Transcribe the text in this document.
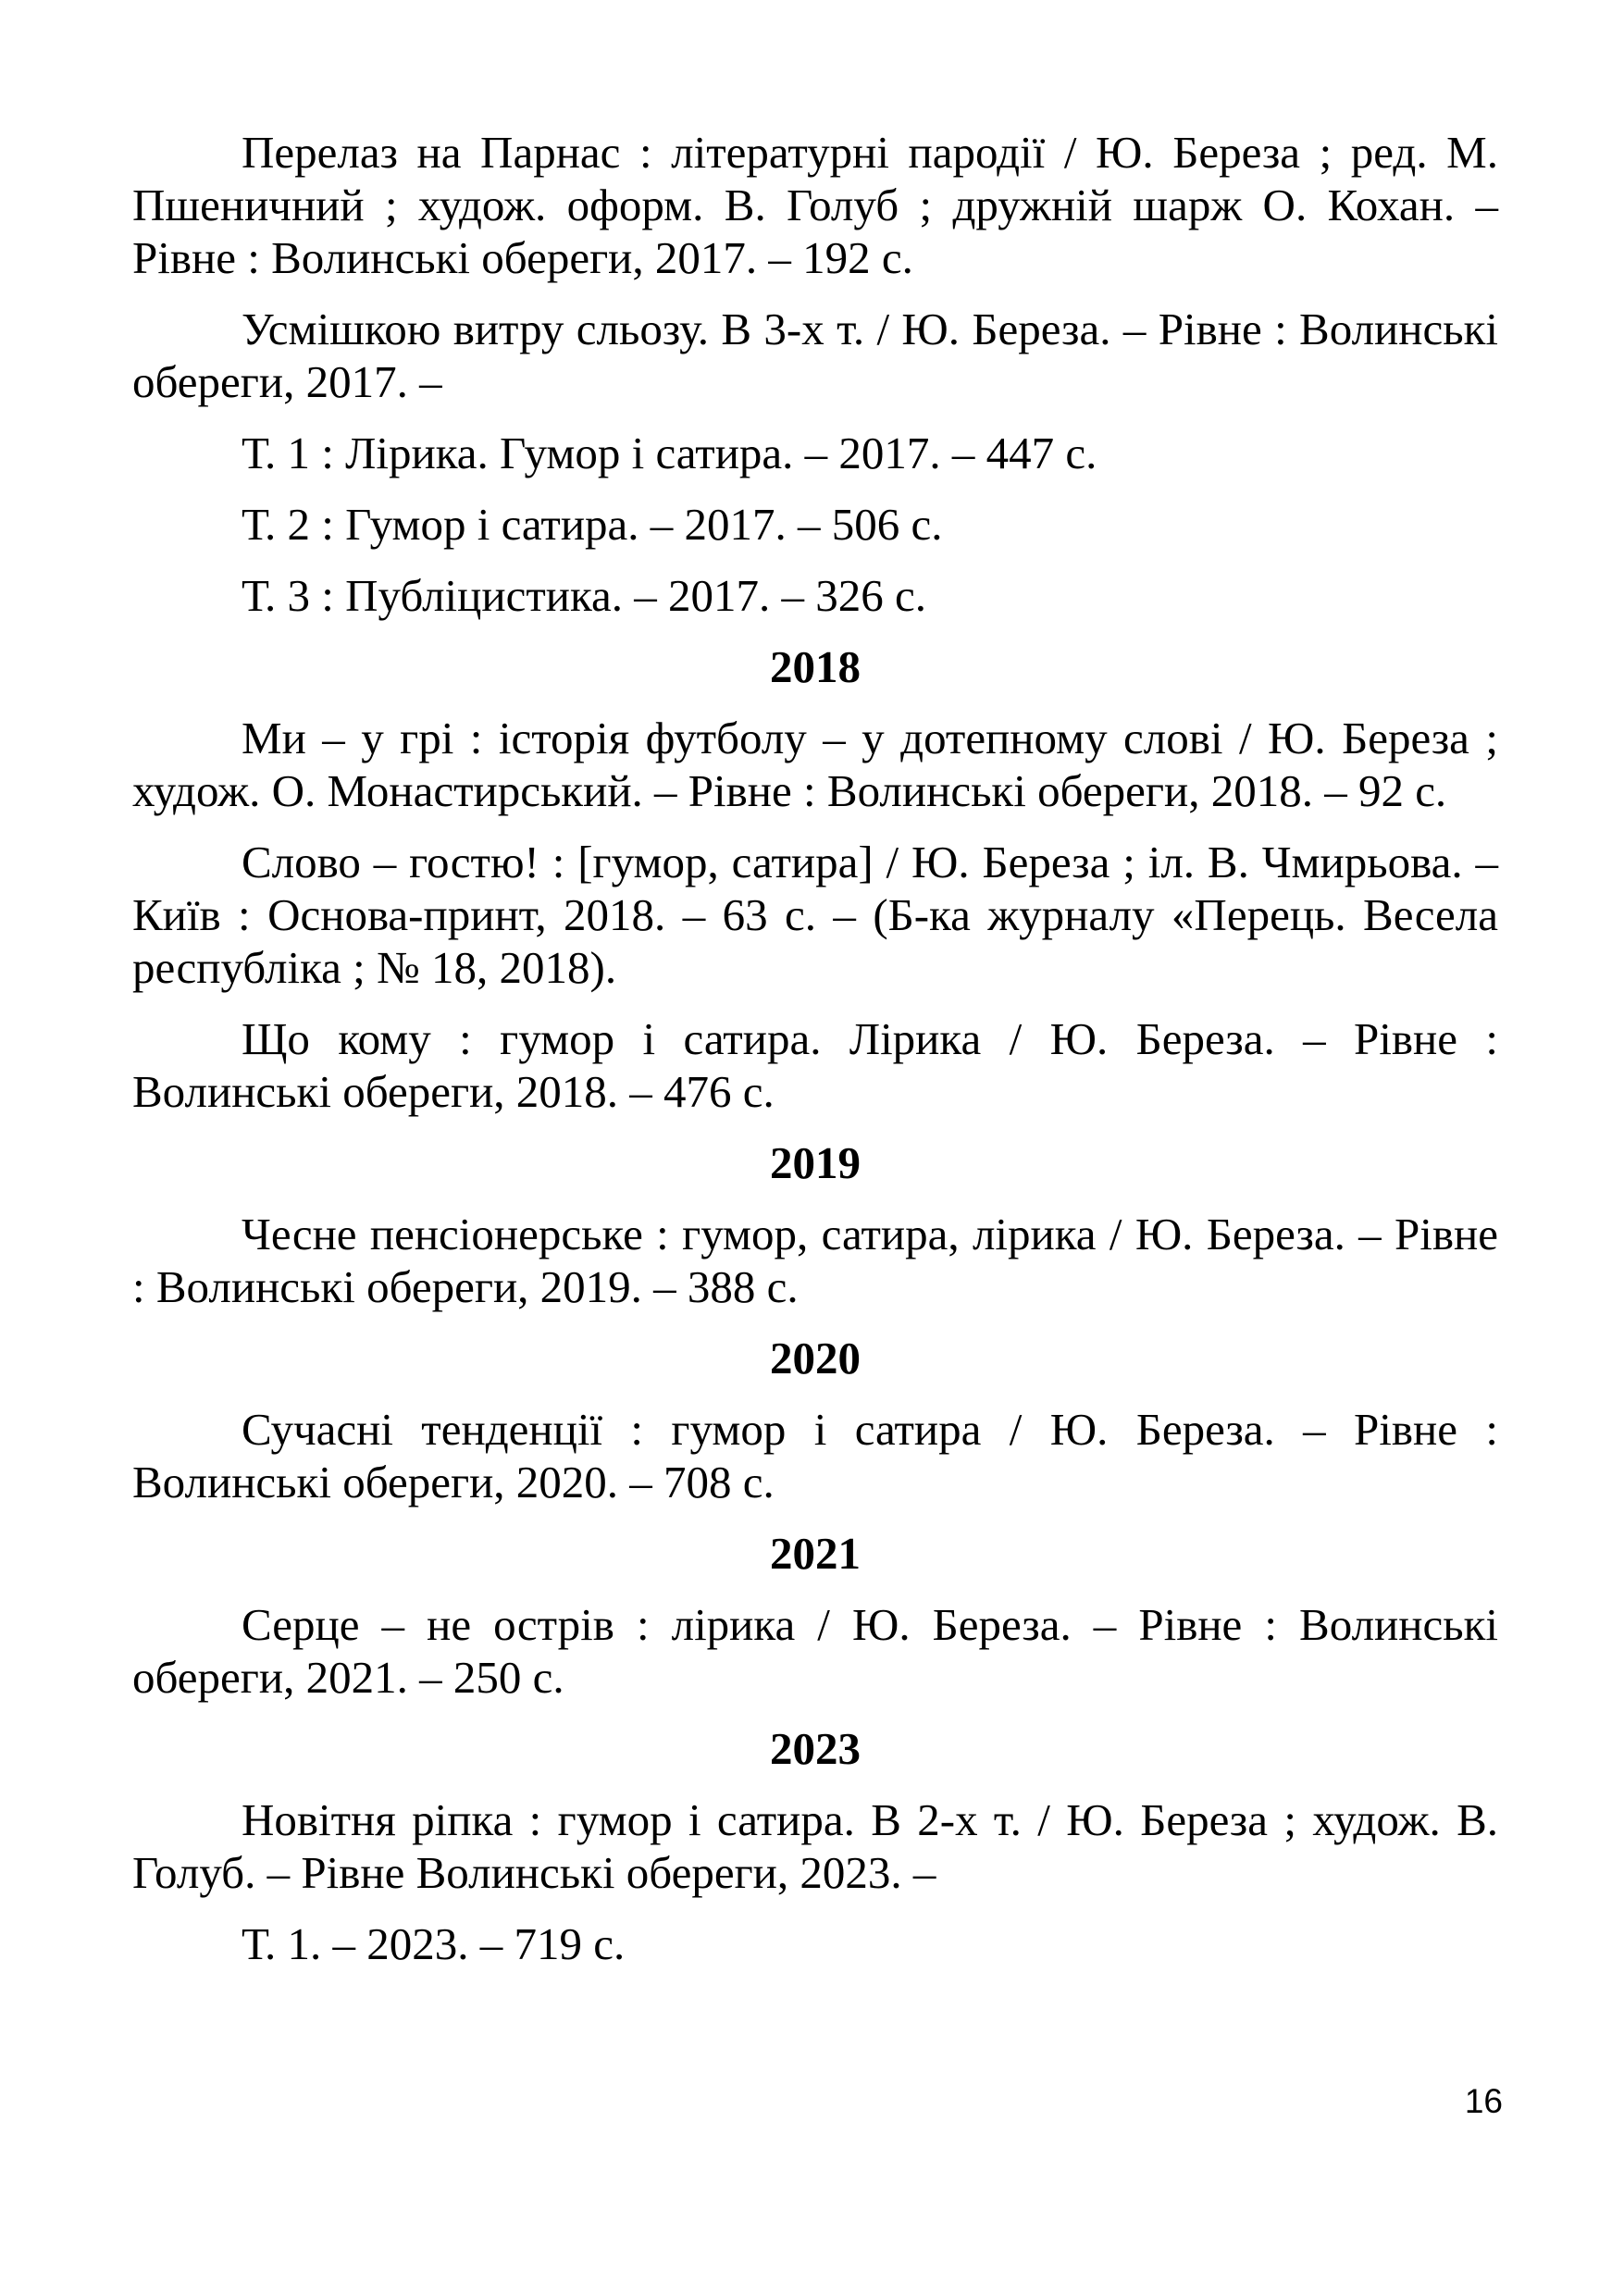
Перелаз на Парнас : літературні пародії / Ю. Береза ; ред. М. Пшеничний ; худож. оформ. В. Голуб ; дружній шарж О. Кохан. – Рівне : Волинські обереги, 2017. – 192 с.

Усмішкою витру сльозу. В 3-х т. / Ю. Береза. – Рівне : Волинські обереги, 2017. –

Т. 1 : Лірика. Гумор і сатира. – 2017. – 447 с.

Т. 2 : Гумор і сатира. – 2017. – 506 с.

Т. 3 : Публіцистика. – 2017. – 326 с.

2018

Ми – у грі : історія футболу – у дотепному слові / Ю. Береза ; худож. О. Монастирський. – Рівне : Волинські обереги, 2018. – 92 с.

Слово – гостю! : [гумор, сатира] / Ю. Береза ; іл. В. Чмирьова. – Київ : Основа-принт, 2018. – 63 с. – (Б-ка журналу «Перець. Весела республіка ; № 18, 2018).

Що кому : гумор і сатира. Лірика / Ю. Береза. – Рівне : Волинські обереги, 2018. – 476 с.

2019

Чесне пенсіонерське : гумор, сатира, лірика / Ю. Береза. – Рівне : Волинські обереги, 2019. – 388 с.

2020

Сучасні тенденції : гумор і сатира / Ю. Береза. – Рівне : Волинські обереги, 2020. – 708 с.

2021

Серце – не острів : лірика / Ю. Береза. – Рівне : Волинські обереги, 2021. – 250 с.

2023

Новітня ріпка : гумор і сатира. В 2-х т. / Ю. Береза ; худож. В. Голуб. – Рівне Волинські обереги, 2023. –

Т. 1. – 2023. – 719 с.

16
